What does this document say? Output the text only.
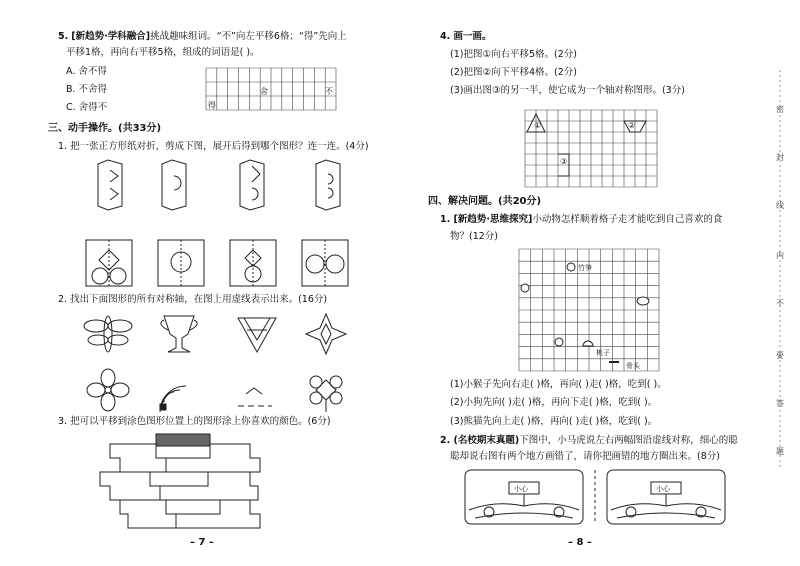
5. [新趋势·学科融合]挑战趣味组词。“不”向左平移6格；“得”先向上
平移1格，再向右平移5格，组成的词语是( )。
A. 舍不得
B. 不舍得
C. 舍得不
舍	不
得
三、动手操作。(共33分)
1. 把一张正方形纸对折，剪成下图，展开后得到哪个图形？连一连。(4分)
2. 找出下面图形的所有对称轴，在图上用虚线表示出来。(16分)
3. 把可以平移到涂色图形位置上的图形涂上你喜欢的颜色。(6分)
– 7 –
4. 画一画。
(1)把图①向右平移5格。(2分)
(2)把图②向下平移4格。(2分)
(3)画出图③的另一半，使它成为一个轴对称图形。(3分)
①	②
③
四、解决问题。(共20分)
1. [新趋势·思维探究]小动物怎样顺着格子走才能吃到自己喜欢的食
物？(12分)
竹笋
桃子
骨头
(1)小猴子先向右走( )格，再向( )走( )格，吃到( )。
(2)小狗先向( )走( )格，再向下走( )格，吃到( )。
(3)熊猫先向上走( )格，再向( )走( )格，吃到( )。
2. (名校期末真题)下图中，小马虎说左右两幅图沿虚线对称，细心的聪
聪却说右图有两个地方画错了，请你把画错的地方圈出来。(8分)
小心	小心
– 8 –
密
封
线
内
不
要
答
题
